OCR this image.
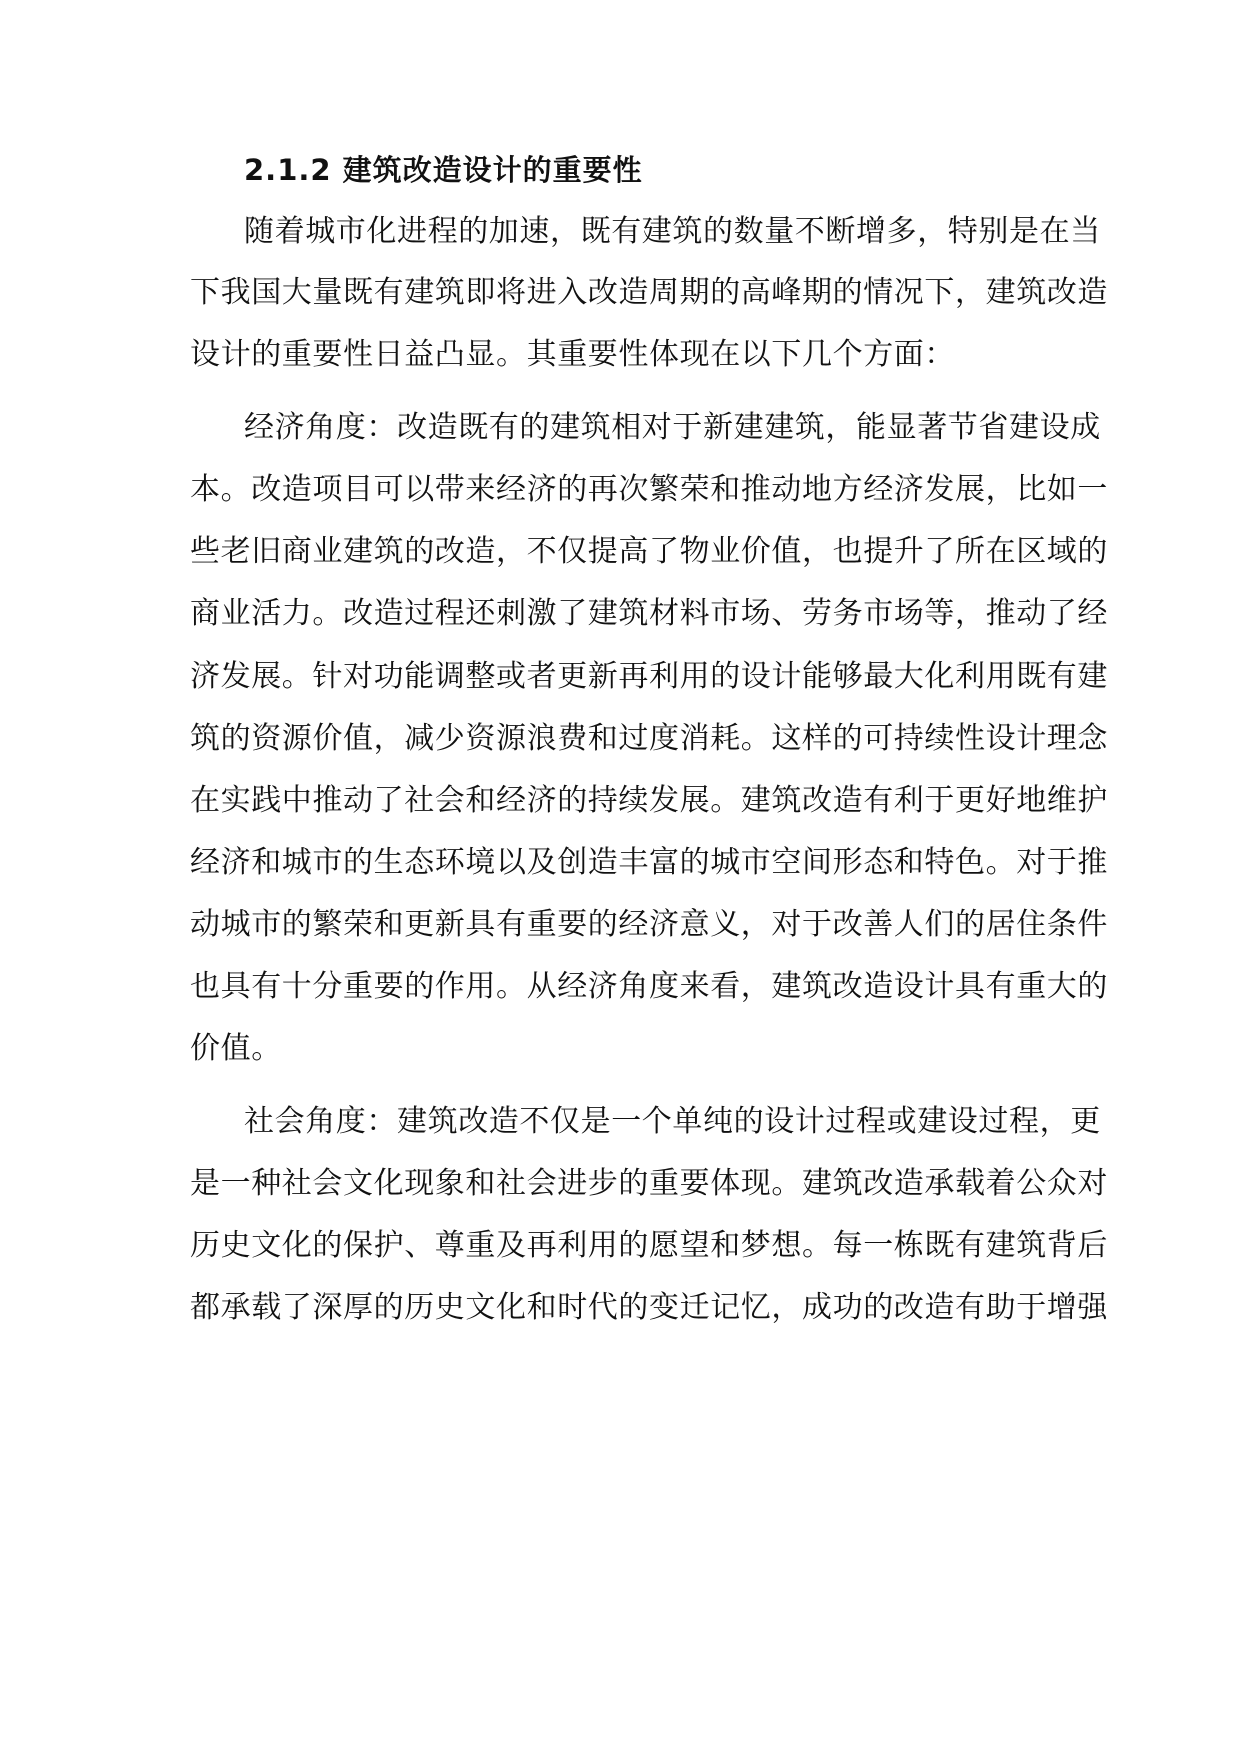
2.1.2 建筑改造设计的重要性
随着城市化进程的加速，既有建筑的数量不断增多，特别是在当
下我国大量既有建筑即将进入改造周期的高峰期的情况下，建筑改造
设计的重要性日益凸显。其重要性体现在以下几个方面：
经济角度：改造既有的建筑相对于新建建筑，能显著节省建设成
本。改造项目可以带来经济的再次繁荣和推动地方经济发展，比如一
些老旧商业建筑的改造，不仅提高了物业价值，也提升了所在区域的
商业活力。改造过程还刺激了建筑材料市场、劳务市场等，推动了经
济发展。针对功能调整或者更新再利用的设计能够最大化利用既有建
筑的资源价值，减少资源浪费和过度消耗。这样的可持续性设计理念
在实践中推动了社会和经济的持续发展。建筑改造有利于更好地维护
经济和城市的生态环境以及创造丰富的城市空间形态和特色。对于推
动城市的繁荣和更新具有重要的经济意义，对于改善人们的居住条件
也具有十分重要的作用。从经济角度来看，建筑改造设计具有重大的
价值。
社会角度：建筑改造不仅是一个单纯的设计过程或建设过程，更
是一种社会文化现象和社会进步的重要体现。建筑改造承载着公众对
历史文化的保护、尊重及再利用的愿望和梦想。每一栋既有建筑背后
都承载了深厚的历史文化和时代的变迁记忆，成功的改造有助于增强
